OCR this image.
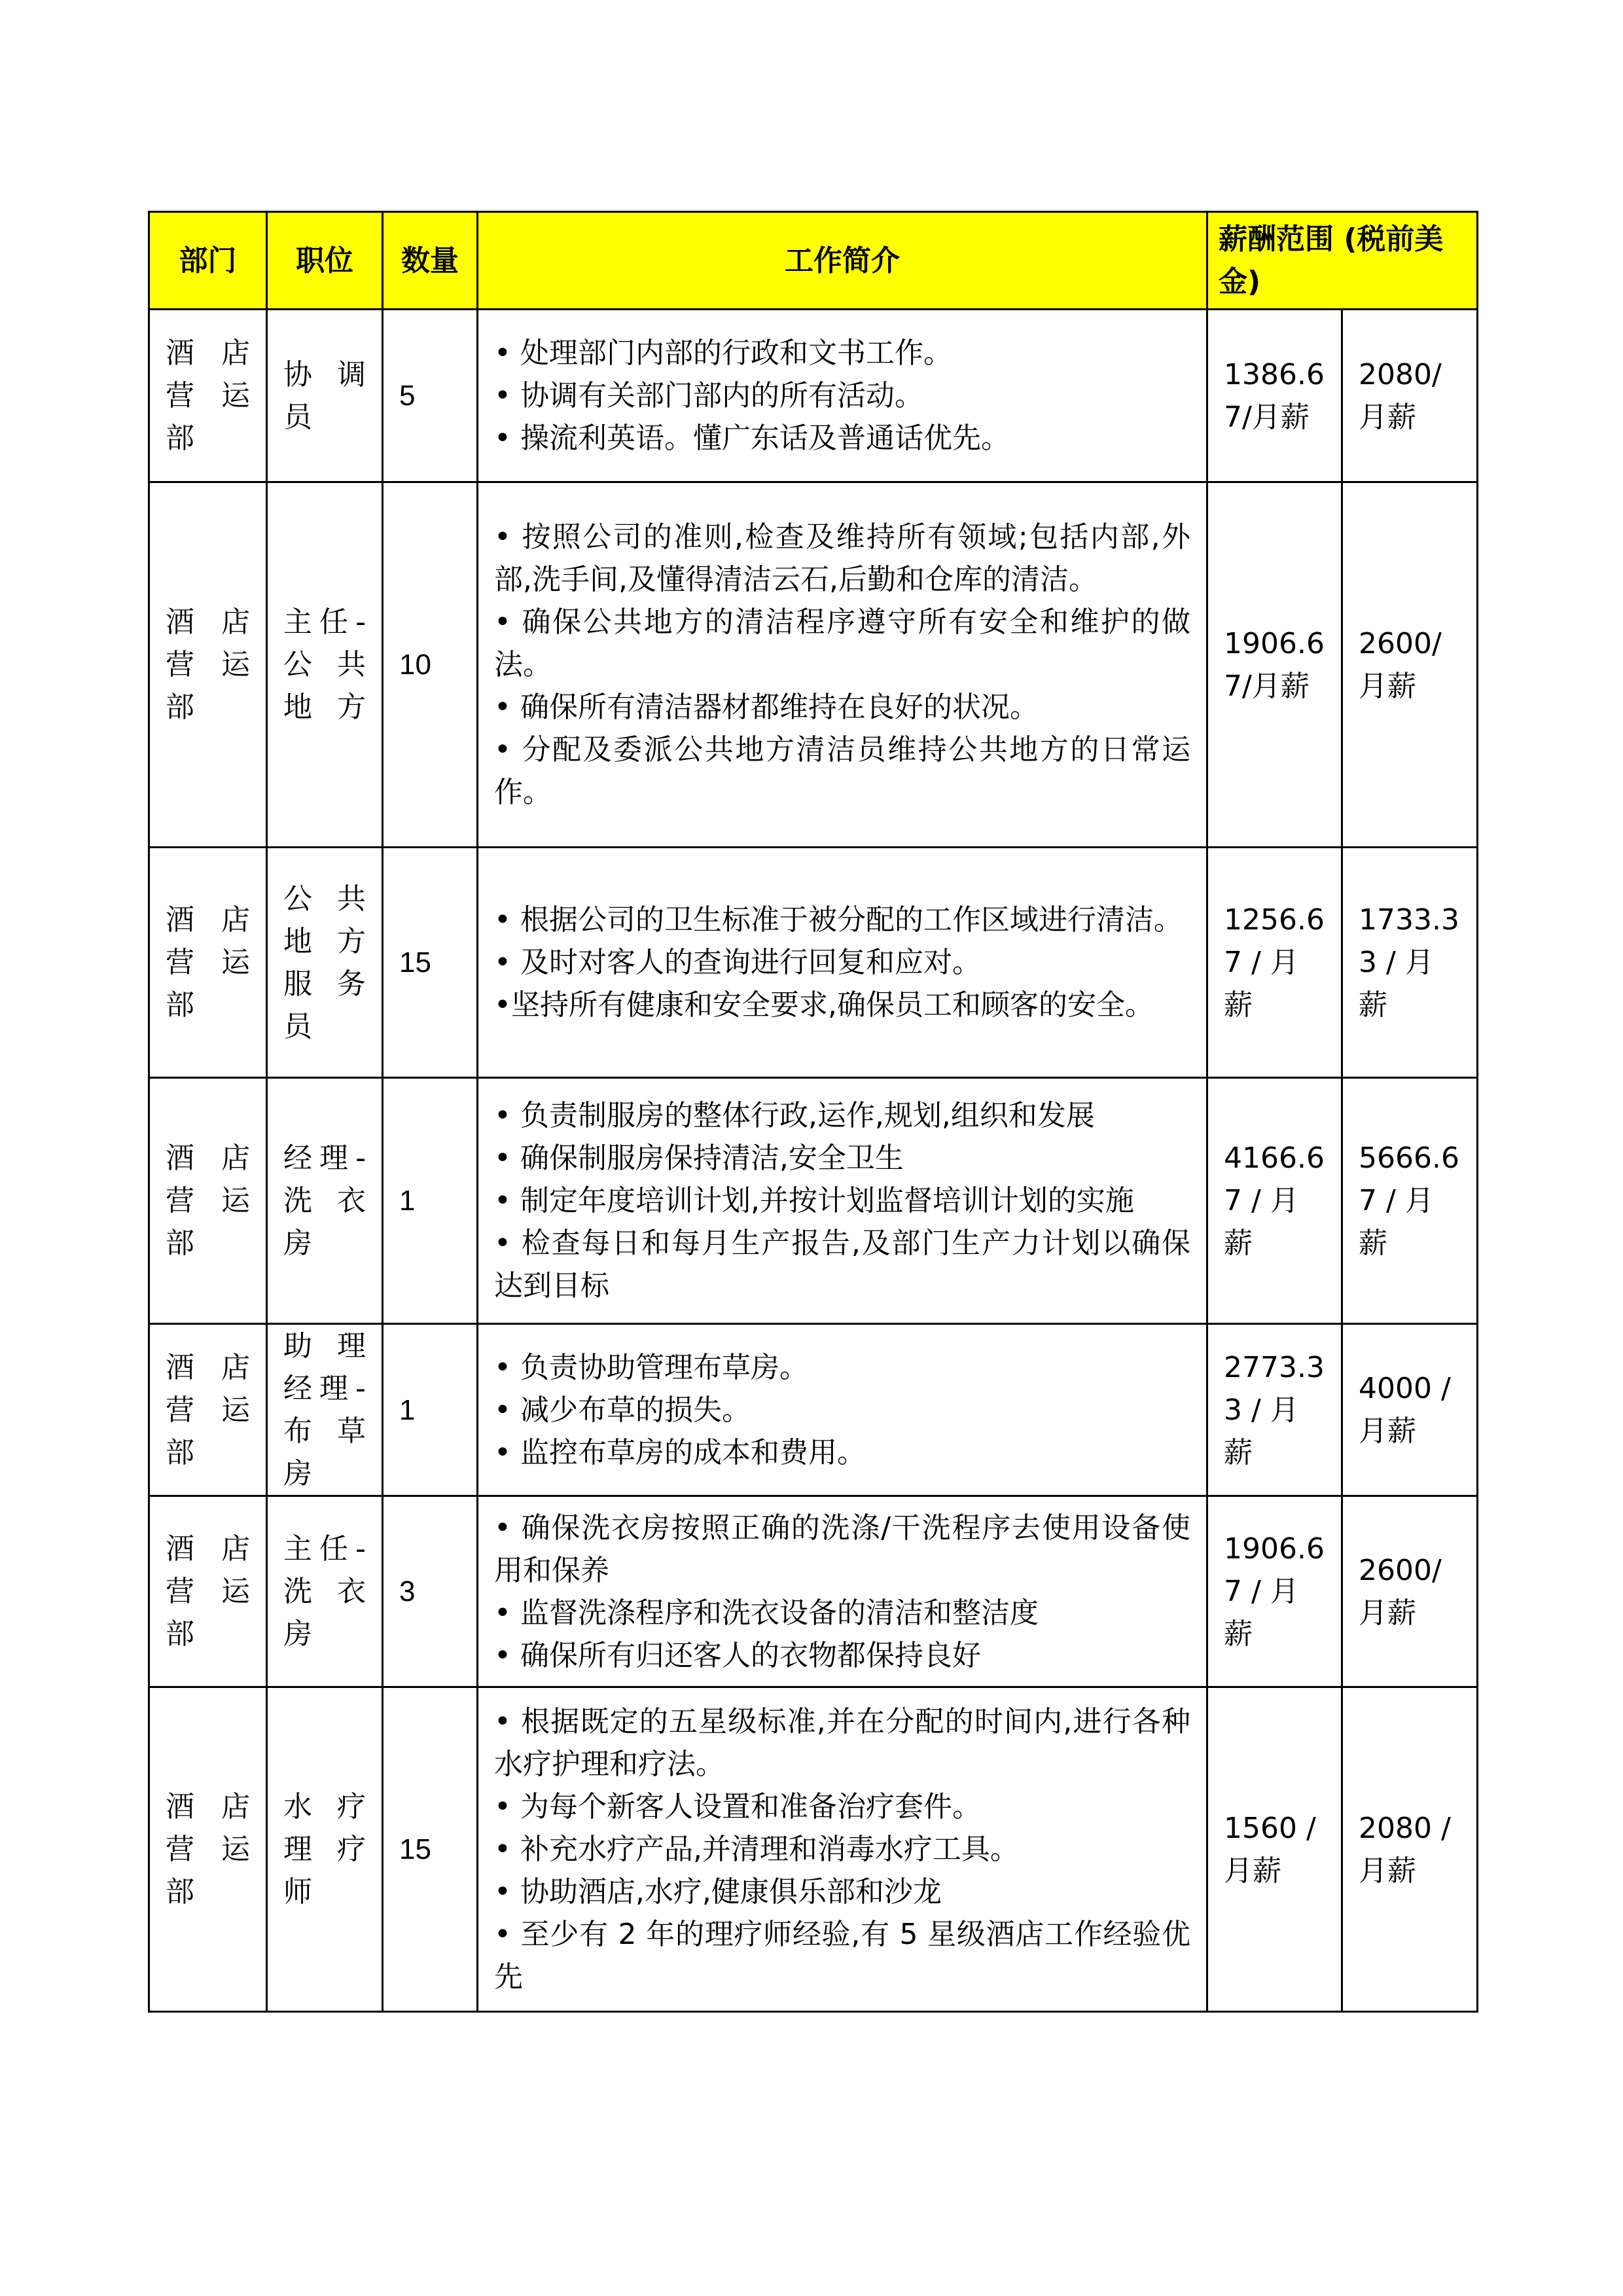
部门	职位	数量	工作简介	薪酬范围 (税前美金)	
酒店营运部	协调员	5	• 处理部门内部的行政和文书工作。
• 协调有关部门部内的所有活动。
• 操流利英语。懂广东话及普通话优先。	1386.67/月薪	2080/月薪
酒店营运部	主任-公共地方	10	• 按照公司的准则,检查及维持所有领域;包括内部,外部,洗手间,及懂得清洁云石,后勤和仓库的清洁。
• 确保公共地方的清洁程序遵守所有安全和维护的做法。
• 确保所有清洁器材都维持在良好的状况。
• 分配及委派公共地方清洁员维持公共地方的日常运作。	1906.67/月薪	2600/月薪
酒店营运部	公共地方服务员	15	• 根据公司的卫生标准于被分配的工作区域进行清洁。
• 及时对客人的查询进行回复和应对。
•坚持所有健康和安全要求,确保员工和顾客的安全。	1256.67 / 月薪	1733.33 / 月薪
酒店营运部	经理-洗衣房	1	• 负责制服房的整体行政,运作,规划,组织和发展
• 确保制服房保持清洁,安全卫生
• 制定年度培训计划,并按计划监督培训计划的实施
• 检查每日和每月生产报告,及部门生产力计划以确保达到目标	4166.67 / 月薪	5666.67 / 月薪
酒店营运部	助理经理-布草房	1	• 负责协助管理布草房。
• 减少布草的损失。
• 监控布草房的成本和费用。	2773.33 / 月薪	4000 / 月薪
酒店营运部	主任-洗衣房	3	• 确保洗衣房按照正确的洗涤/干洗程序去使用设备使用和保养
• 监督洗涤程序和洗衣设备的清洁和整洁度
• 确保所有归还客人的衣物都保持良好	1906.67 / 月薪	2600/月薪
酒店营运部	水疗理疗师	15	• 根据既定的五星级标准,并在分配的时间内,进行各种水疗护理和疗法。
• 为每个新客人设置和准备治疗套件。
• 补充水疗产品,并清理和消毒水疗工具。
• 协助酒店,水疗,健康俱乐部和沙龙
• 至少有 2 年的理疗师经验,有 5 星级酒店工作经验优先	1560 / 月薪	2080 / 月薪
